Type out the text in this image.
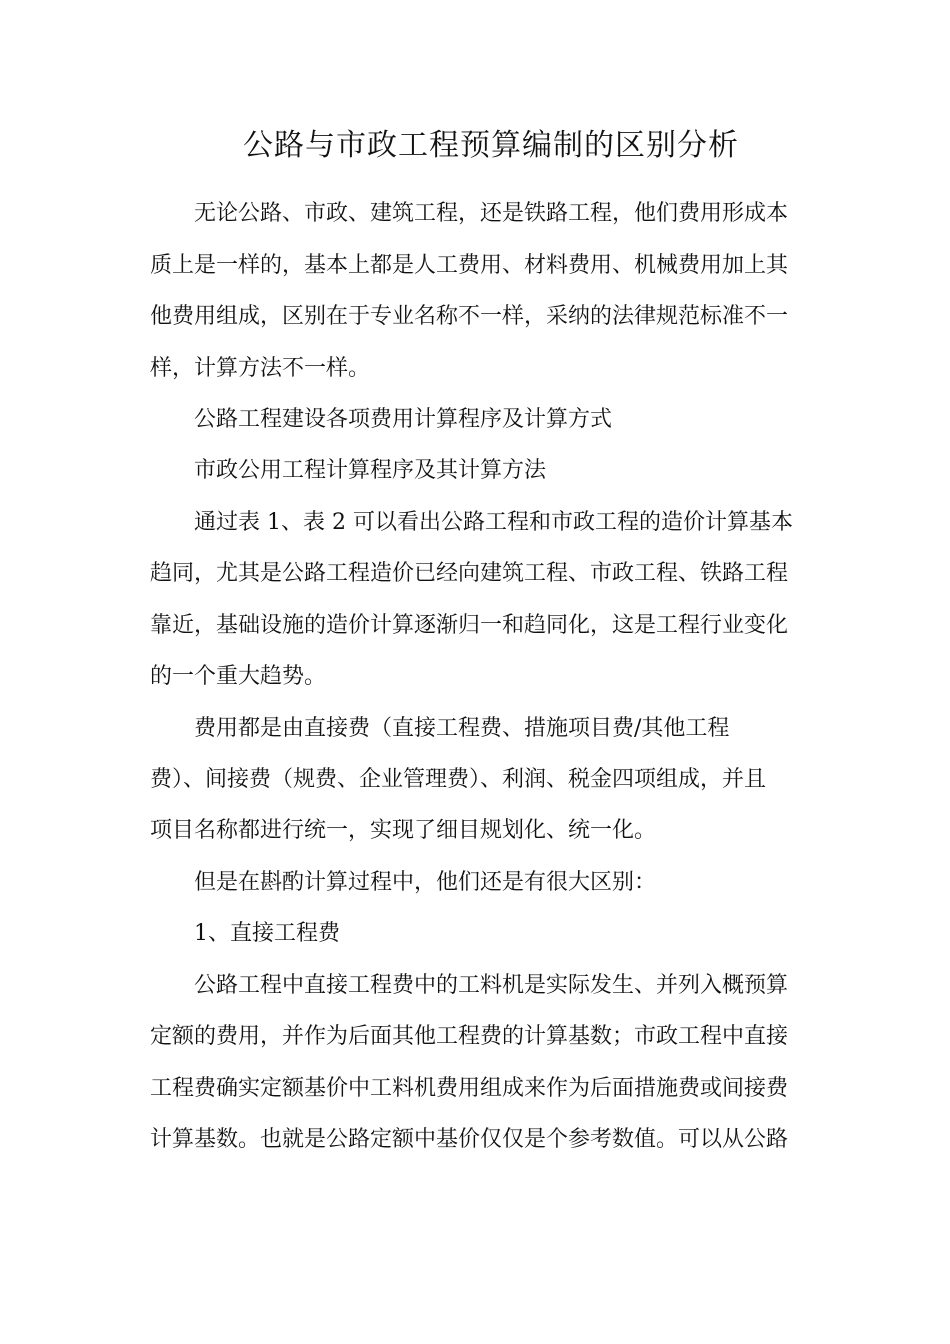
公路与市政工程预算编制的区别分析
无论公路、市政、建筑工程，还是铁路工程，他们费用形成本
质上是一样的，基本上都是人工费用、材料费用、机械费用加上其
他费用组成，区别在于专业名称不一样，采纳的法律规范标准不一
样，计算方法不一样。
公路工程建设各项费用计算程序及计算方式
市政公用工程计算程序及其计算方法
通过表 1、表 2 可以看出公路工程和市政工程的造价计算基本
趋同，尤其是公路工程造价已经向建筑工程、市政工程、铁路工程
靠近，基础设施的造价计算逐渐归一和趋同化，这是工程行业变化
的一个重大趋势。
费用都是由直接费（直接工程费、措施项目费/其他工程
费）、间接费（规费、企业管理费）、利润、税金四项组成，并且
项目名称都进行统一，实现了细目规划化、统一化。
但是在斟酌计算过程中，他们还是有很大区别：
1、直接工程费
公路工程中直接工程费中的工料机是实际发生、并列入概预算
定额的费用，并作为后面其他工程费的计算基数；市政工程中直接
工程费确实定额基价中工料机费用组成来作为后面措施费或间接费
计算基数。也就是公路定额中基价仅仅是个参考数值。可以从公路
